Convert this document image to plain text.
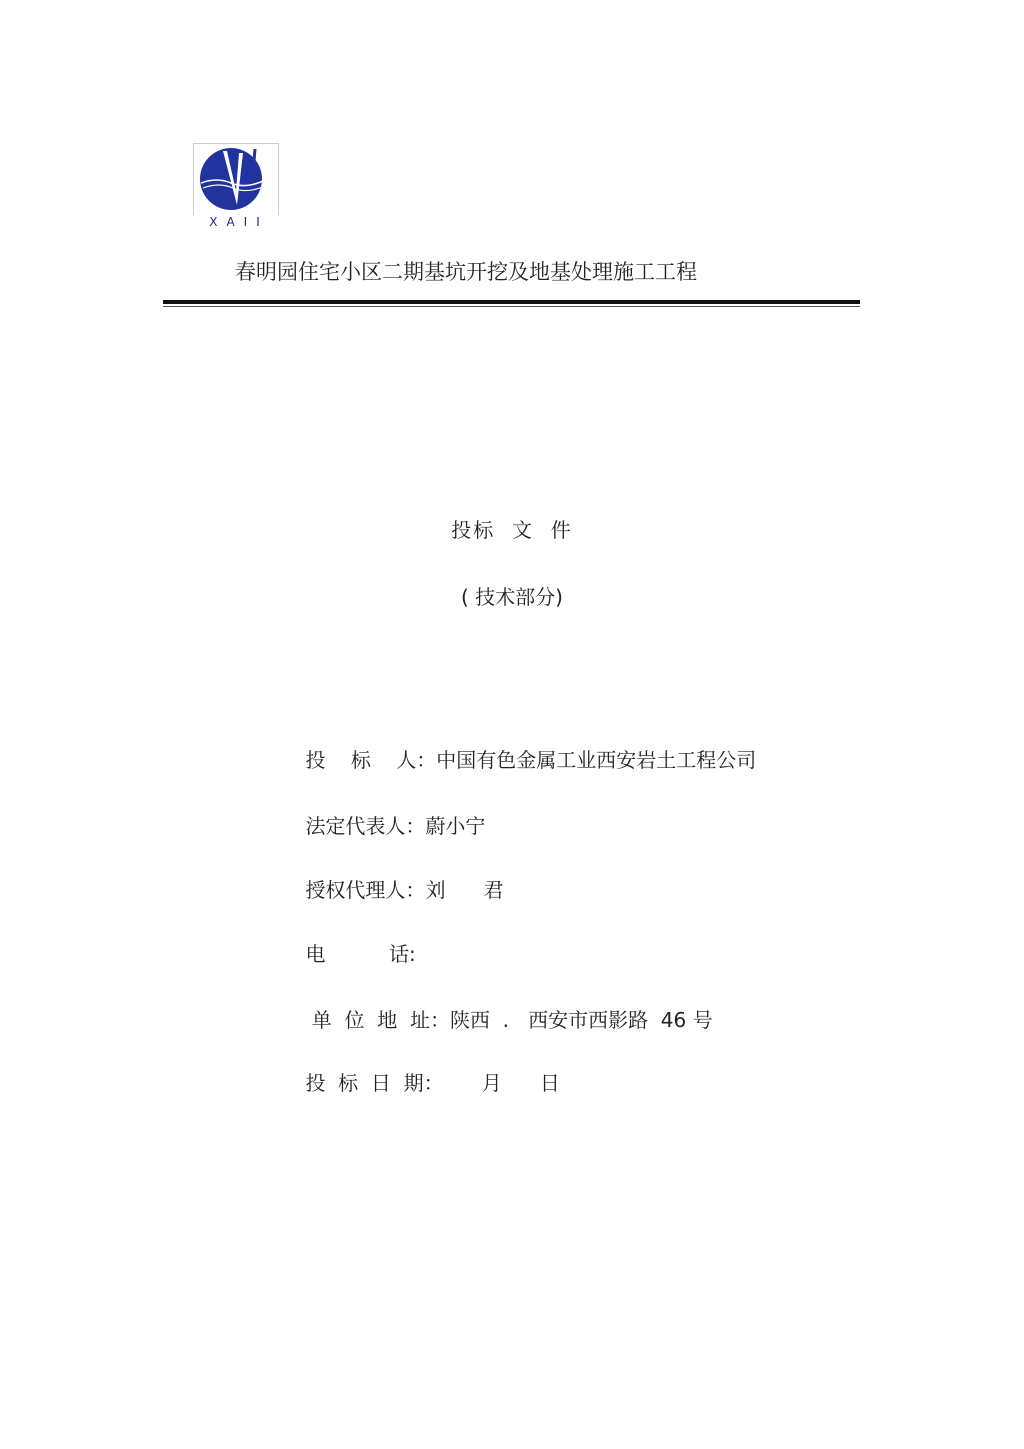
XAII
春明园住宅小区二期基坑开挖及地基处理施工工程
投标  文  件
( 技术部分)

投    标    人：中国有色金属工业西安岩土工程公司

法定代表人：蔚小宁

授权代理人：刘      君

电          话:

单  位  地  址：陕西  .   西安市西影路  46 号

投  标  日  期：      月      日
